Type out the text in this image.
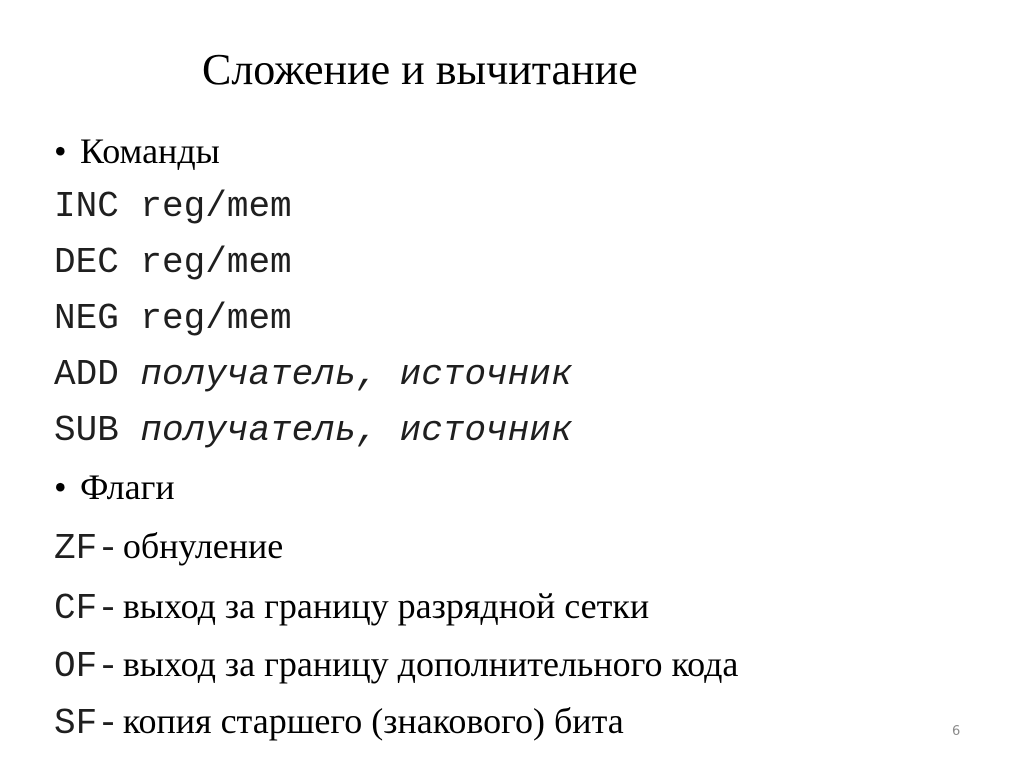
Сложение и вычитание
• Команды
INC reg/mem
DEC reg/mem
NEG reg/mem
ADD получатель, источник
SUB получатель, источник
• Флаги
ZF- обнуление
CF- выход за границу разрядной сетки
OF- выход за границу дополнительного кода
SF- копия старшего (знакового) бита	6
